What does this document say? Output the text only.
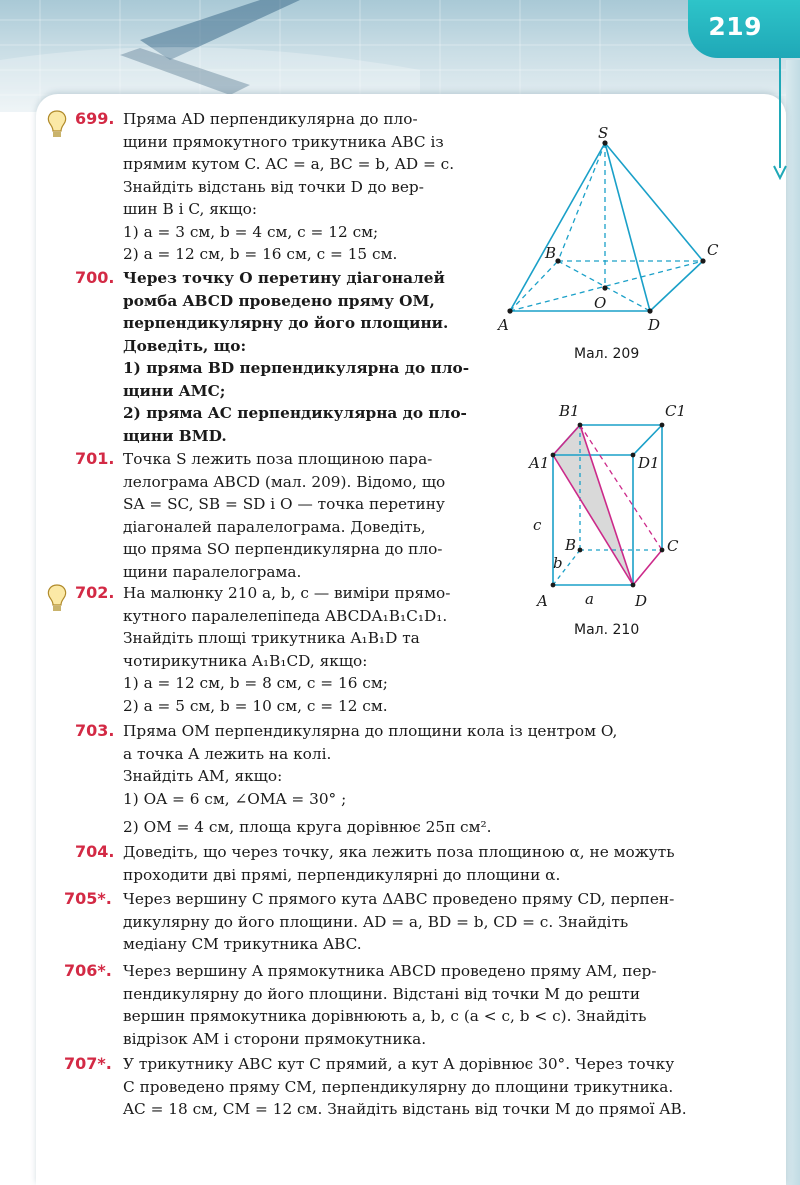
219
699. Пряма AD перпендикулярна до пло-
щини прямокутного трикутника ABC із
прямим кутом C. AC = a, BC = b, AD = c.
Знайдіть відстань від точки D до вер-
шин B і C, якщо:
1) a = 3 см, b = 4 см, c = 12 см;
2) a = 12 см, b = 16 см, c = 15 см.
700. Через точку O перетину діагоналей
ромба ABCD проведено пряму OM,
перпендикулярну до його площини.
Доведіть, що:
1) пряма BD перпендикулярна до пло-
щини AMC;
2) пряма AC перпендикулярна до пло-
щини BMD.
701. Точка S лежить поза площиною пара-
лелограма ABCD (мал. 209). Відомо, що
SA = SC, SB = SD і O — точка перетину
діагоналей паралелограма. Доведіть,
що пряма SO перпендикулярна до пло-
щини паралелограма.
702. На малюнку 210 a, b, c — виміри прямо-
кутного паралелепіпеда ABCDA₁B₁C₁D₁.
Знайдіть площі трикутника A₁B₁D та
чотирикутника A₁B₁CD, якщо:
1) a = 12 см, b = 8 см, c = 16 см;
2) a = 5 см, b = 10 см, c = 12 см.
703. Пряма OM перпендикулярна до площини кола із центром O,
а точка A лежить на колі.
Знайдіть AM, якщо:
1) OA = 6 см, ∠OMA = 30° ;
2) OM = 4 см, площа круга дорівнює 25π см².
704. Доведіть, що через точку, яка лежить поза площиною α, не можуть
проходити дві прямі, перпендикулярні до площини α.
705*. Через вершину C прямого кута ΔABC проведено пряму CD, перпен-
дикулярну до його площини. AD = a, BD = b, CD = c. Знайдіть
медіану CM трикутника ABC.
706*. Через вершину A прямокутника ABCD проведено пряму AM, пер-
пендикулярну до його площини. Відстані від точки M до решти
вершин прямокутника дорівнюють a, b, c (a < c, b < c). Знайдіть
відрізок AM і сторони прямокутника.
707*. У трикутнику ABC кут C прямий, а кут A дорівнює 30°. Через точку
C проведено пряму CM, перпендикулярну до площини трикутника.
AC = 18 см, CM = 12 см. Знайдіть відстань від точки M до прямої AB.
S
B	C
O
A	D
Мал. 209
B1	C1
A1	D1
c
B	C
b
A a	D
Мал. 210
